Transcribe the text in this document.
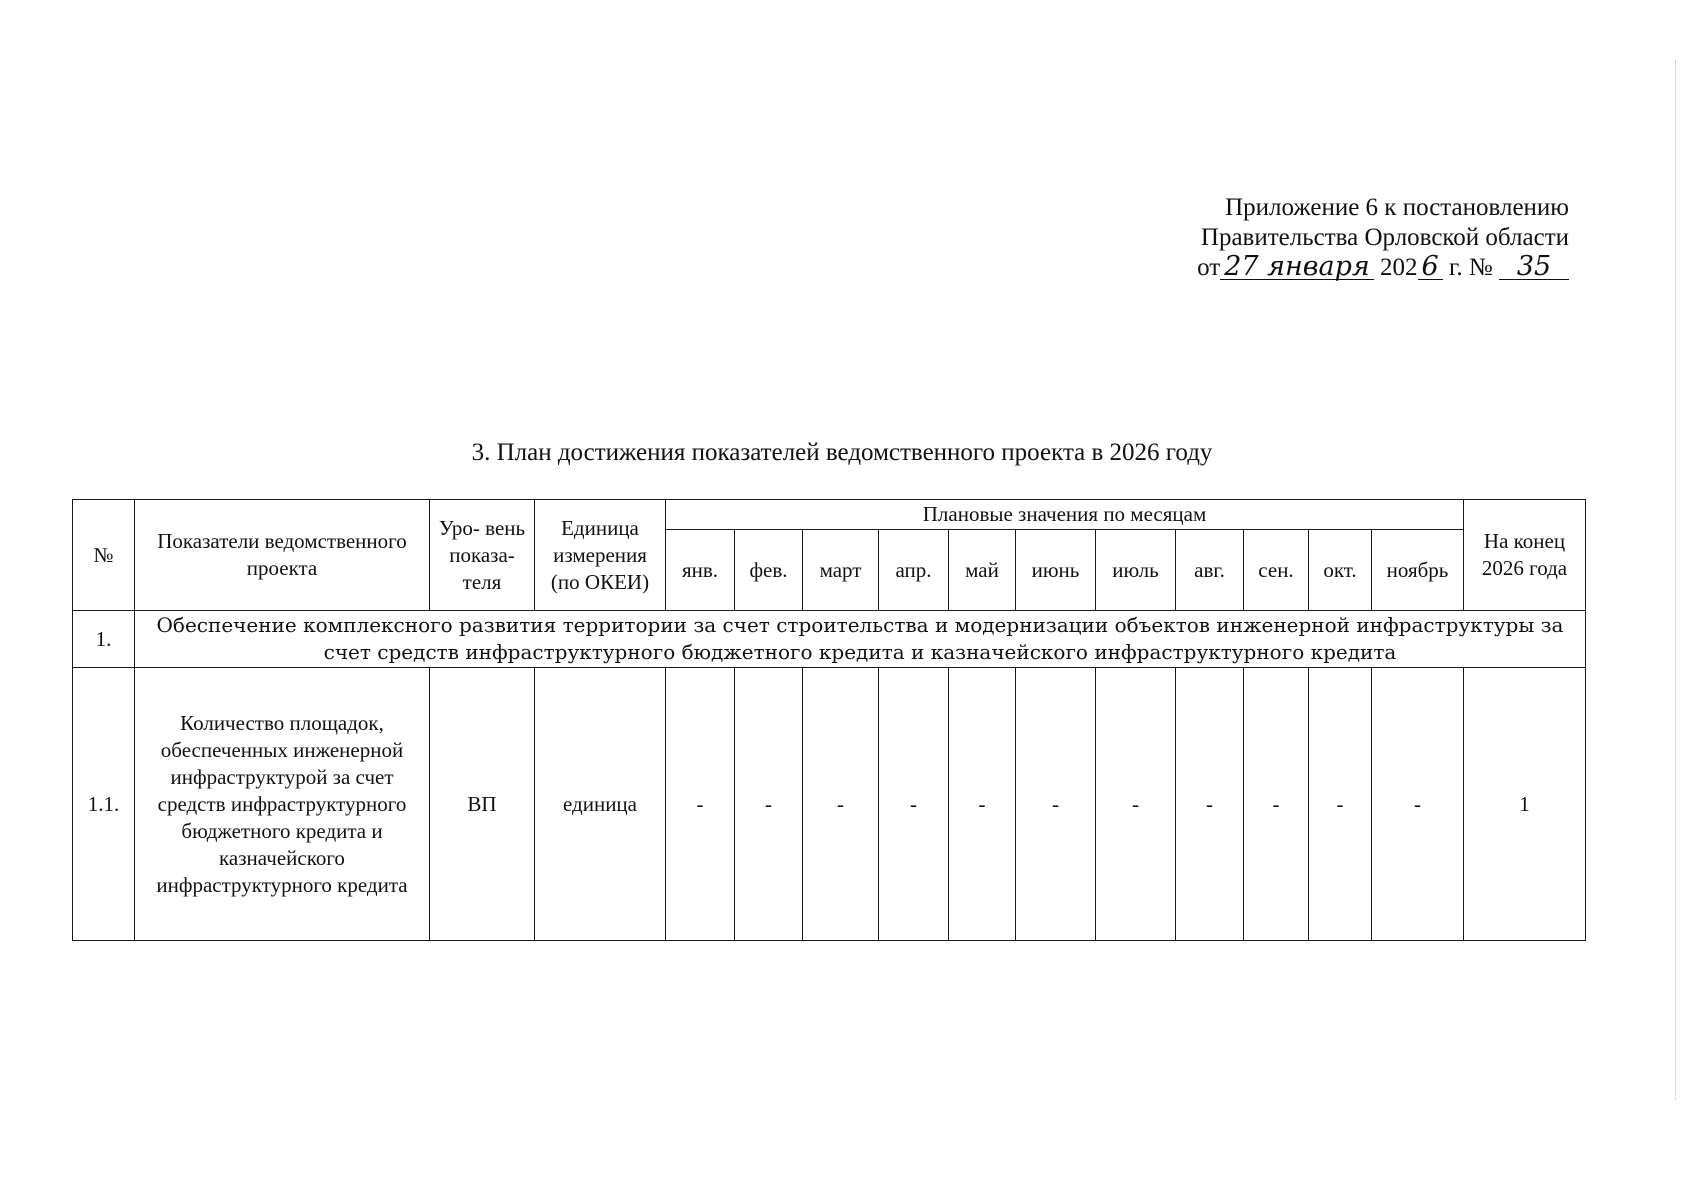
Приложение 6 к постановлению
Правительства Орловской области
от 27 января 202 6 г. № 35
3. План достижения показателей ведомственного проекта в 2026 году
№	Показатели ведомственного проекта	Уро- вень показа- теля	Единица измерения (по ОКЕИ)	Плановые значения по месяцам											На конец 2026 года
				янв.	фев.	март	апр.	май	июнь	июль	авг.	сен.	окт.	ноябрь	
1.	Обеспечение комплексного развития территории за счет строительства и модернизации объектов инженерной инфраструктуры за счет средств инфраструктурного бюджетного кредита и казначейского инфраструктурного кредита														
1.1.	Количество площадок, обеспеченных инженерной инфраструктурой за счет средств инфраструктурного бюджетного кредита и казначейского инфраструктурного кредита	ВП	единица	-	-	-	-	-	-	-	-	-	-	-	1
